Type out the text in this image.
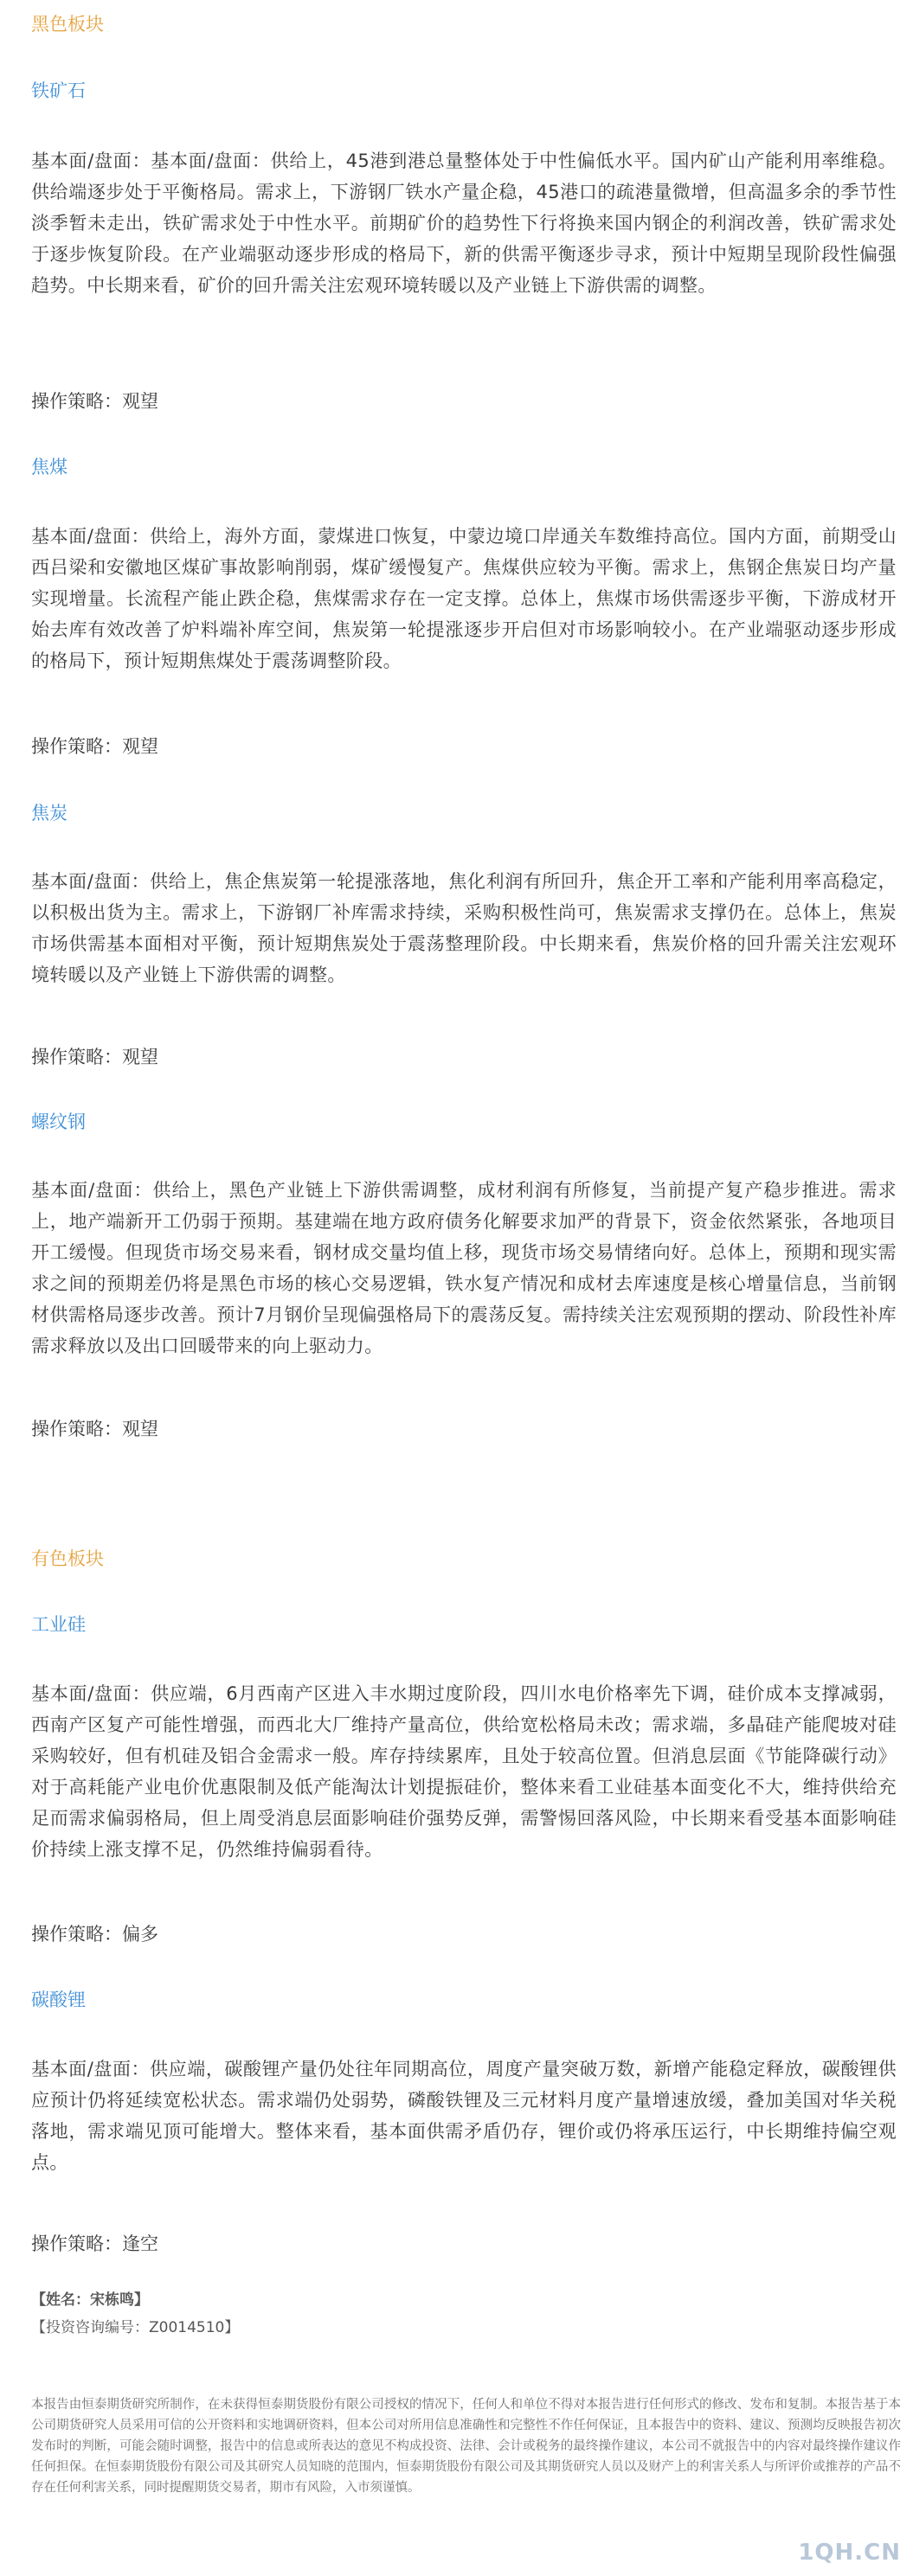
黑色板块
铁矿石

基本面/盘面：基本面/盘面：供给上，45港到港总量整体处于中性偏低水平。国内矿山产能利用率维稳。供给端逐步处于平衡格局。需求上，下游钢厂铁水产量企稳，45港口的疏港量微增，但高温多余的季节性淡季暂未走出，铁矿需求处于中性水平。前期矿价的趋势性下行将换来国内钢企的利润改善，铁矿需求处于逐步恢复阶段。在产业端驱动逐步形成的格局下，新的供需平衡逐步寻求，预计中短期呈现阶段性偏强趋势。中长期来看，矿价的回升需关注宏观环境转暖以及产业链上下游供需的调整。

操作策略：观望

焦煤

基本面/盘面：供给上，海外方面，蒙煤进口恢复，中蒙边境口岸通关车数维持高位。国内方面，前期受山西吕梁和安徽地区煤矿事故影响削弱，煤矿缓慢复产。焦煤供应较为平衡。需求上，焦钢企焦炭日均产量实现增量。长流程产能止跌企稳，焦煤需求存在一定支撑。总体上，焦煤市场供需逐步平衡，下游成材开始去库有效改善了炉料端补库空间，焦炭第一轮提涨逐步开启但对市场影响较小。在产业端驱动逐步形成的格局下，预计短期焦煤处于震荡调整阶段。

操作策略：观望

焦炭

基本面/盘面：供给上，焦企焦炭第一轮提涨落地，焦化利润有所回升，焦企开工率和产能利用率高稳定，以积极出货为主。需求上，下游钢厂补库需求持续，采购积极性尚可，焦炭需求支撑仍在。总体上，焦炭市场供需基本面相对平衡，预计短期焦炭处于震荡整理阶段。中长期来看，焦炭价格的回升需关注宏观环境转暖以及产业链上下游供需的调整。

操作策略：观望

螺纹钢

基本面/盘面：供给上，黑色产业链上下游供需调整，成材利润有所修复，当前提产复产稳步推进。需求上，地产端新开工仍弱于预期。基建端在地方政府债务化解要求加严的背景下，资金依然紧张，各地项目开工缓慢。但现货市场交易来看，钢材成交量均值上移，现货市场交易情绪向好。总体上，预期和现实需求之间的预期差仍将是黑色市场的核心交易逻辑，铁水复产情况和成材去库速度是核心增量信息，当前钢材供需格局逐步改善。预计7月钢价呈现偏强格局下的震荡反复。需持续关注宏观预期的摆动、阶段性补库需求释放以及出口回暖带来的向上驱动力。

操作策略：观望

有色板块
工业硅

基本面/盘面：供应端，6月西南产区进入丰水期过度阶段，四川水电价格率先下调，硅价成本支撑减弱，西南产区复产可能性增强，而西北大厂维持产量高位，供给宽松格局未改；需求端，多晶硅产能爬坡对硅采购较好，但有机硅及铝合金需求一般。库存持续累库，且处于较高位置。但消息层面《节能降碳行动》对于高耗能产业电价优惠限制及低产能淘汰计划提振硅价，整体来看工业硅基本面变化不大，维持供给充足而需求偏弱格局，但上周受消息层面影响硅价强势反弹，需警惕回落风险，中长期来看受基本面影响硅价持续上涨支撑不足，仍然维持偏弱看待。

操作策略：偏多

碳酸锂

基本面/盘面：供应端，碳酸锂产量仍处往年同期高位，周度产量突破万数，新增产能稳定释放，碳酸锂供应预计仍将延续宽松状态。需求端仍处弱势，磷酸铁锂及三元材料月度产量增速放缓，叠加美国对华关税落地，需求端见顶可能增大。整体来看，基本面供需矛盾仍存，锂价或仍将承压运行，中长期维持偏空观点。

操作策略：逢空

【姓名：宋栋鸣】
【投资咨询编号：Z0014510】
本报告由恒泰期货研究所制作，在未获得恒泰期货股份有限公司授权的情况下，任何人和单位不得对本报告进行任何形式的修改、发布和复制。本报告基于本公司期货研究人员采用可信的公开资料和实地调研资料，但本公司对所用信息准确性和完整性不作任何保证，且本报告中的资料、建议、预测均反映报告初次发布时的判断，可能会随时调整，报告中的信息或所表达的意见不构成投资、法律、会计或税务的最终操作建议，本公司不就报告中的内容对最终操作建议作任何担保。在恒泰期货股份有限公司及其研究人员知晓的范围内，恒泰期货股份有限公司及其期货研究人员以及财产上的利害关系人与所评价或推荐的产品不存在任何利害关系，同时提醒期货交易者，期市有风险，入市须谨慎。
1QH.CN
